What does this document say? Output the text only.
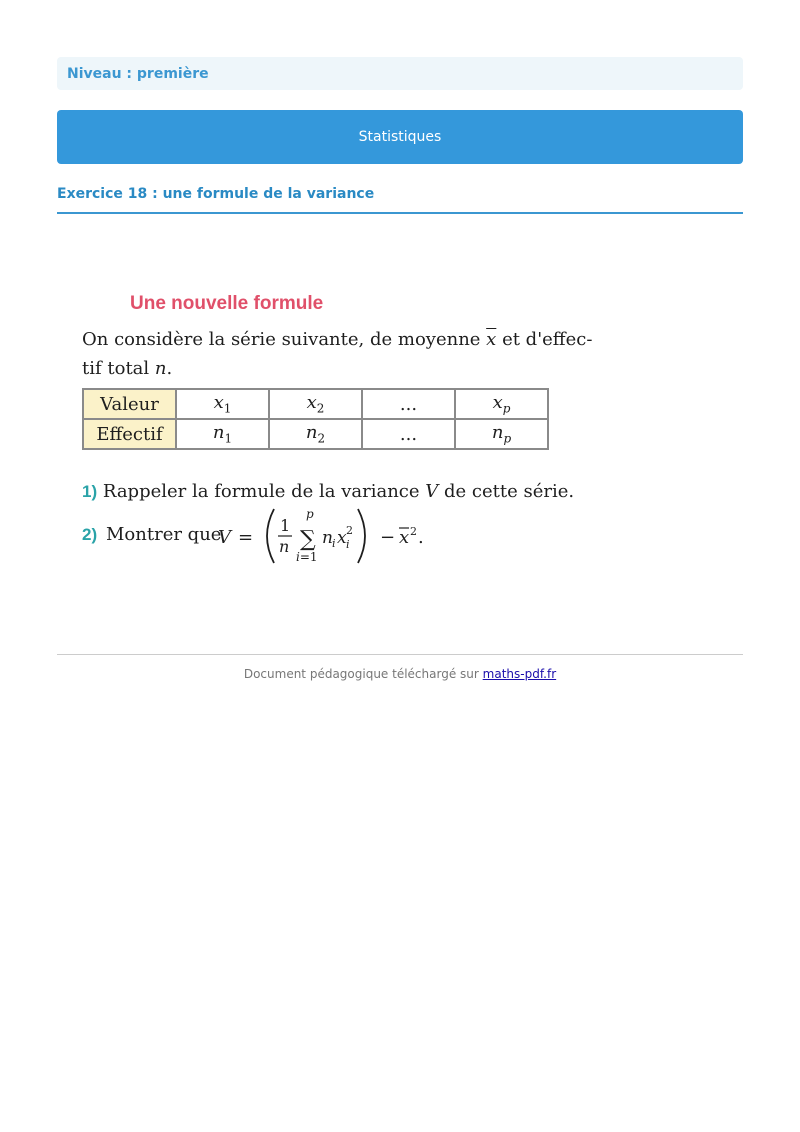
Niveau : première
Statistiques
Exercice 18 : une formule de la variance
Une nouvelle formule
On considère la série suivante, de moyenne $\overline{x}$ et d'effec-
tif total n.
Valeur	$x_1$	$x_2$	...	$x_p$
Effectif	$n_1$	$n_2$	...	$n_p$
1) Rappeler la formule de la variance V de cette série.
2) Montrer que
V =
1
n
p
∑
i=1
n i x 2
i − x 2 .
Document pédagogique téléchargé sur maths-pdf.fr
